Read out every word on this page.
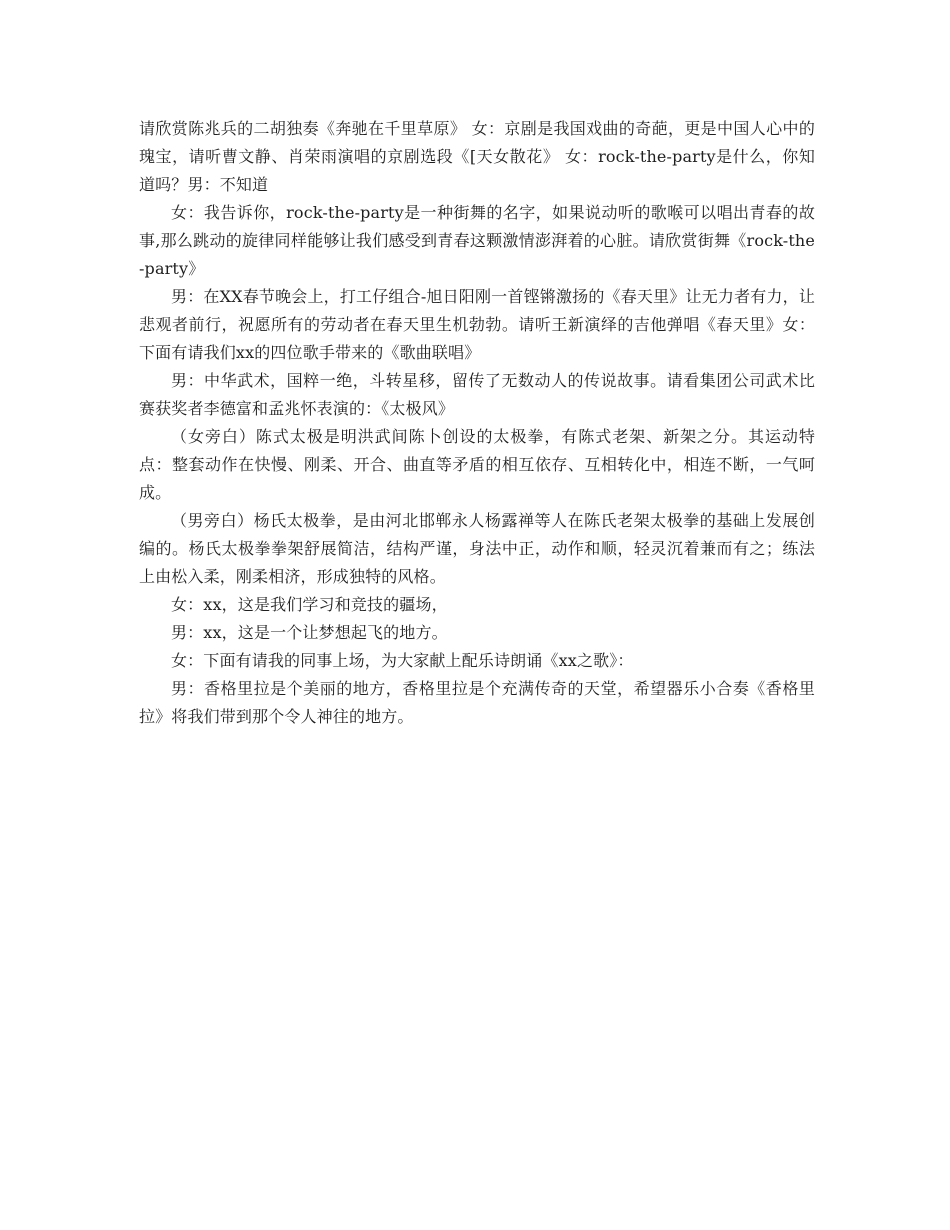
请欣赏陈兆兵的二胡独奏《奔驰在千里草原》 女：京剧是我国戏曲的奇葩，更是中国人心中的瑰宝，请听曹文静、肖荣雨演唱的京剧选段《[天女散花》 女：rock-the-party是什么，你知道吗？男：不知道

女：我告诉你，rock-the-party是一种街舞的名字，如果说动听的歌喉可以唱出青春的故事,那么跳动的旋律同样能够让我们感受到青春这颗激情澎湃着的心脏。请欣赏街舞《rock-the-party》

男：在XX春节晚会上，打工仔组合-旭日阳刚一首铿锵激扬的《春天里》让无力者有力，让悲观者前行，祝愿所有的劳动者在春天里生机勃勃。请听王新演绎的吉他弹唱《春天里》女：下面有请我们xx的四位歌手带来的《歌曲联唱》

男：中华武术，国粹一绝，斗转星移，留传了无数动人的传说故事。请看集团公司武术比赛获奖者李德富和孟兆怀表演的：《太极风》

（女旁白）陈式太极是明洪武间陈卜创设的太极拳，有陈式老架、新架之分。其运动特点：整套动作在快慢、刚柔、开合、曲直等矛盾的相互依存、互相转化中，相连不断，一气呵成。

（男旁白）杨氏太极拳，是由河北邯郸永人杨露禅等人在陈氏老架太极拳的基础上发展创编的。杨氏太极拳拳架舒展简洁，结构严谨，身法中正，动作和顺，轻灵沉着兼而有之；练法上由松入柔，刚柔相济，形成独特的风格。

女：xx，这是我们学习和竞技的疆场，

男：xx，这是一个让梦想起飞的地方。

女：下面有请我的同事上场，为大家献上配乐诗朗诵《xx之歌》：

男：香格里拉是个美丽的地方，香格里拉是个充满传奇的天堂，希望器乐小合奏《香格里拉》将我们带到那个令人神往的地方。
